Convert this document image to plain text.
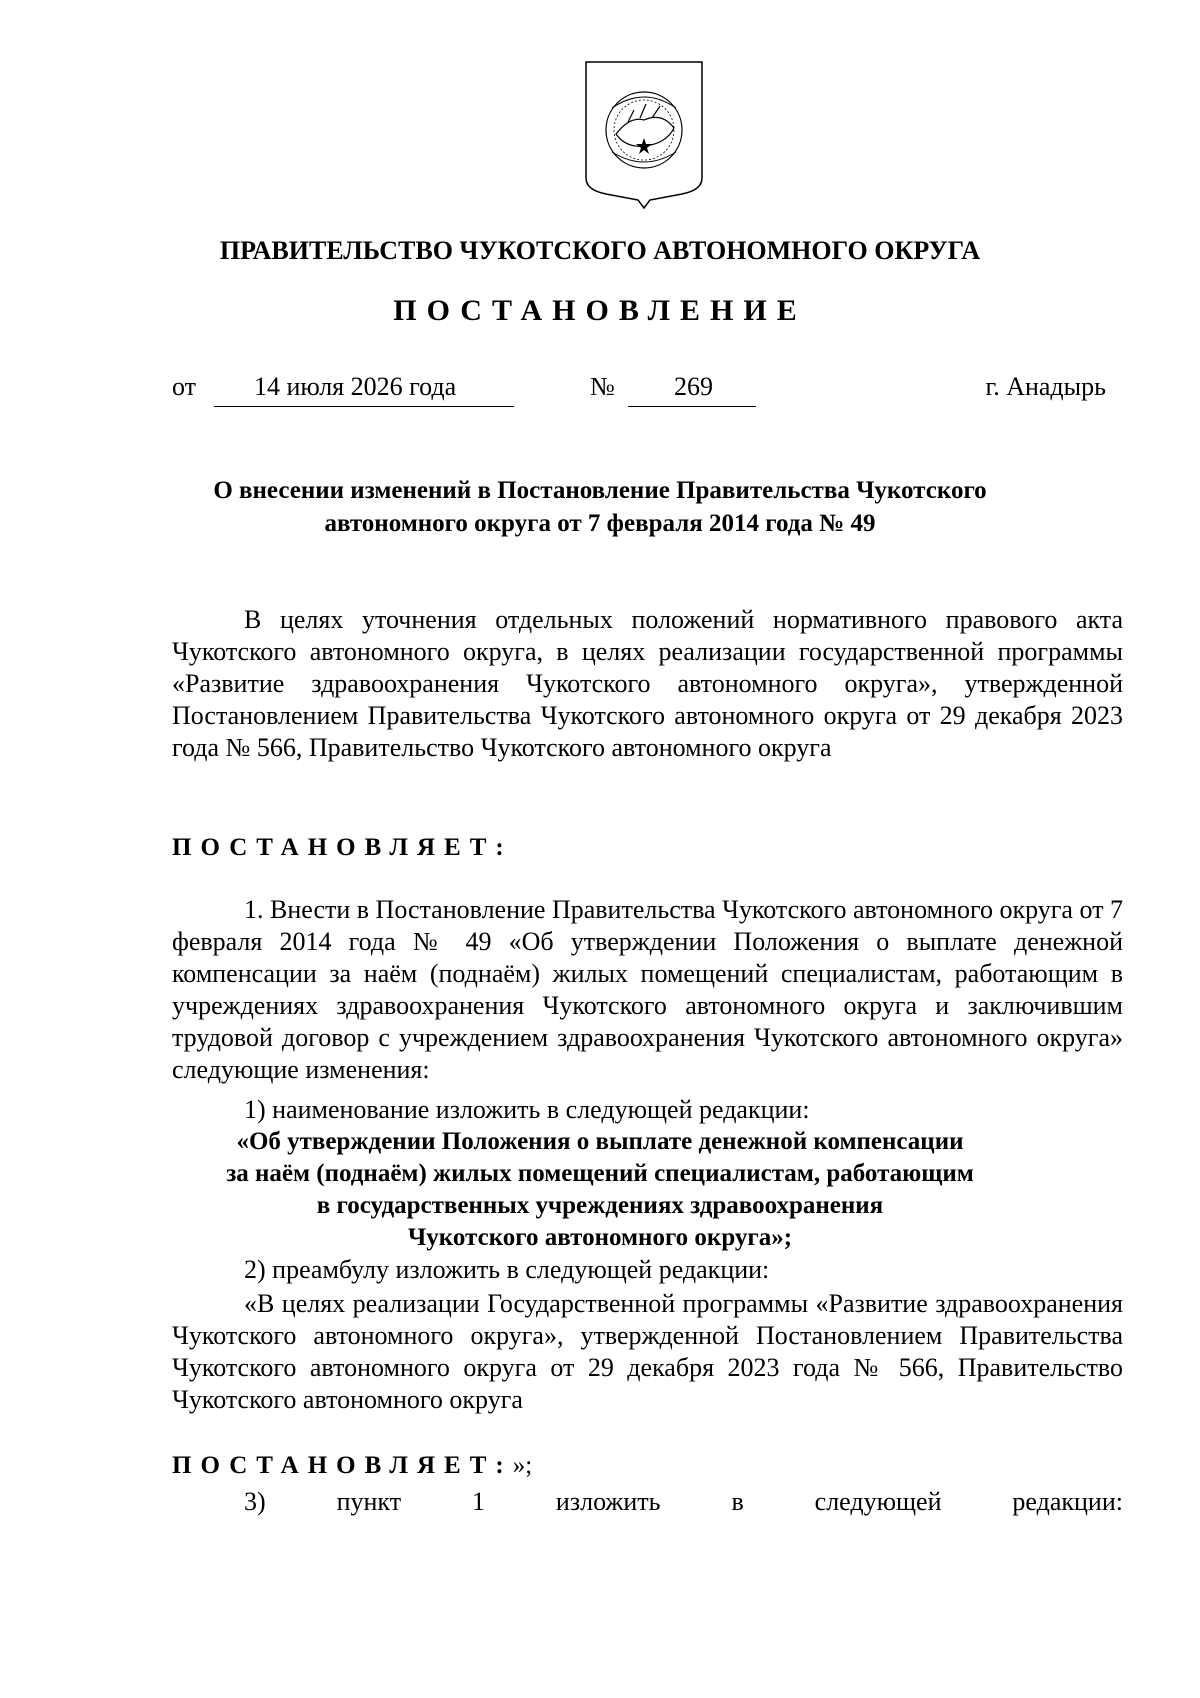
ПРАВИТЕЛЬСТВО ЧУКОТСКОГО АВТОНОМНОГО ОКРУГА
ПОСТАНОВЛЕНИЕ
от 14 июля 2026 года	№ 269	г. Анадырь
О внесении изменений в Постановление Правительства Чукотского
автономного округа от 7 февраля 2014 года № 49
В целях уточнения отдельных положений нормативного правового акта Чукотского автономного округа, в целях реализации государственной программы «Развитие здравоохранения Чукотского автономного округа», утвержденной Постановлением Правительства Чукотского автономного округа от 29 декабря 2023 года № 566, Правительство Чукотского автономного округа
ПОСТАНОВЛЯЕТ:
1. Внести в Постановление Правительства Чукотского автономного округа от 7 февраля 2014 года № 49 «Об утверждении Положения о выплате денежной компенсации за наём (поднаём) жилых помещений специалистам, работающим в учреждениях здравоохранения Чукотского автономного округа и заключившим трудовой договор с учреждением здравоохранения Чукотского автономного округа» следующие изменения:
1) наименование изложить в следующей редакции:
«Об утверждении Положения о выплате денежной компенсации
за наём (поднаём) жилых помещений специалистам, работающим
в государственных учреждениях здравоохранения
Чукотского автономного округа»;
2) преамбулу изложить в следующей редакции:
«В целях реализации Государственной программы «Развитие здравоохранения Чукотского автономного округа», утвержденной Постановлением Правительства Чукотского автономного округа от 29 декабря 2023 года № 566, Правительство Чукотского автономного округа
ПОСТАНОВЛЯЕТ:»;
3) пункт 1 изложить в следующей редакции:
